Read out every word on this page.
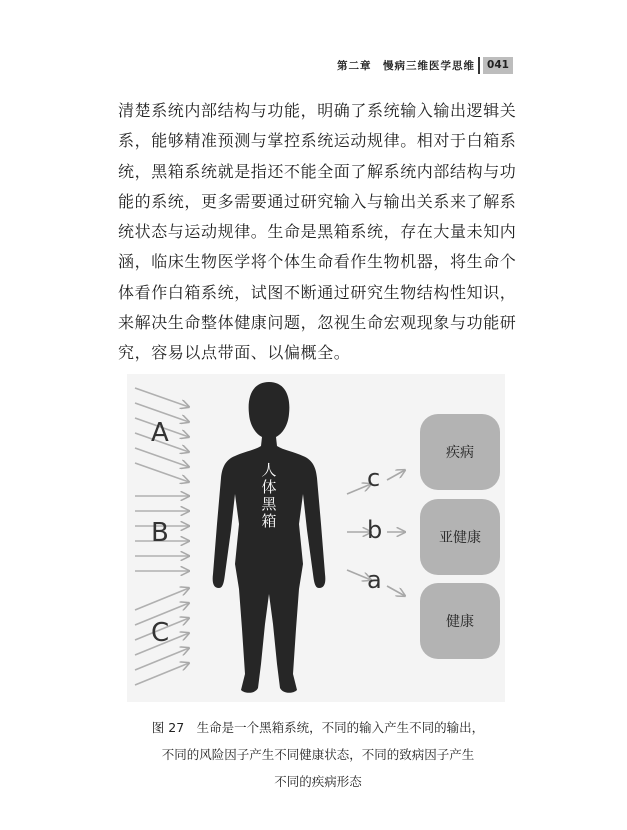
第二章　慢病三维医学思维	041
清楚系统内部结构与功能，明确了系统输入输出逻辑关
系，能够精准预测与掌控系统运动规律。相对于白箱系
统，黑箱系统就是指还不能全面了解系统内部结构与功
能的系统，更多需要通过研究输入与输出关系来了解系
统状态与运动规律。生命是黑箱系统，存在大量未知内
涵，临床生物医学将个体生命看作生物机器，将生命个
体看作白箱系统，试图不断通过研究生物结构性知识，
来解决生命整体健康问题，忽视生命宏观现象与功能研
究，容易以点带面、以偏概全。
人
体
黑
箱
A
B
C
c
b
a
疾病
亚健康
健康
图 27　生命是一个黑箱系统，不同的输入产生不同的输出，
不同的风险因子产生不同健康状态，不同的致病因子产生
不同的疾病形态
